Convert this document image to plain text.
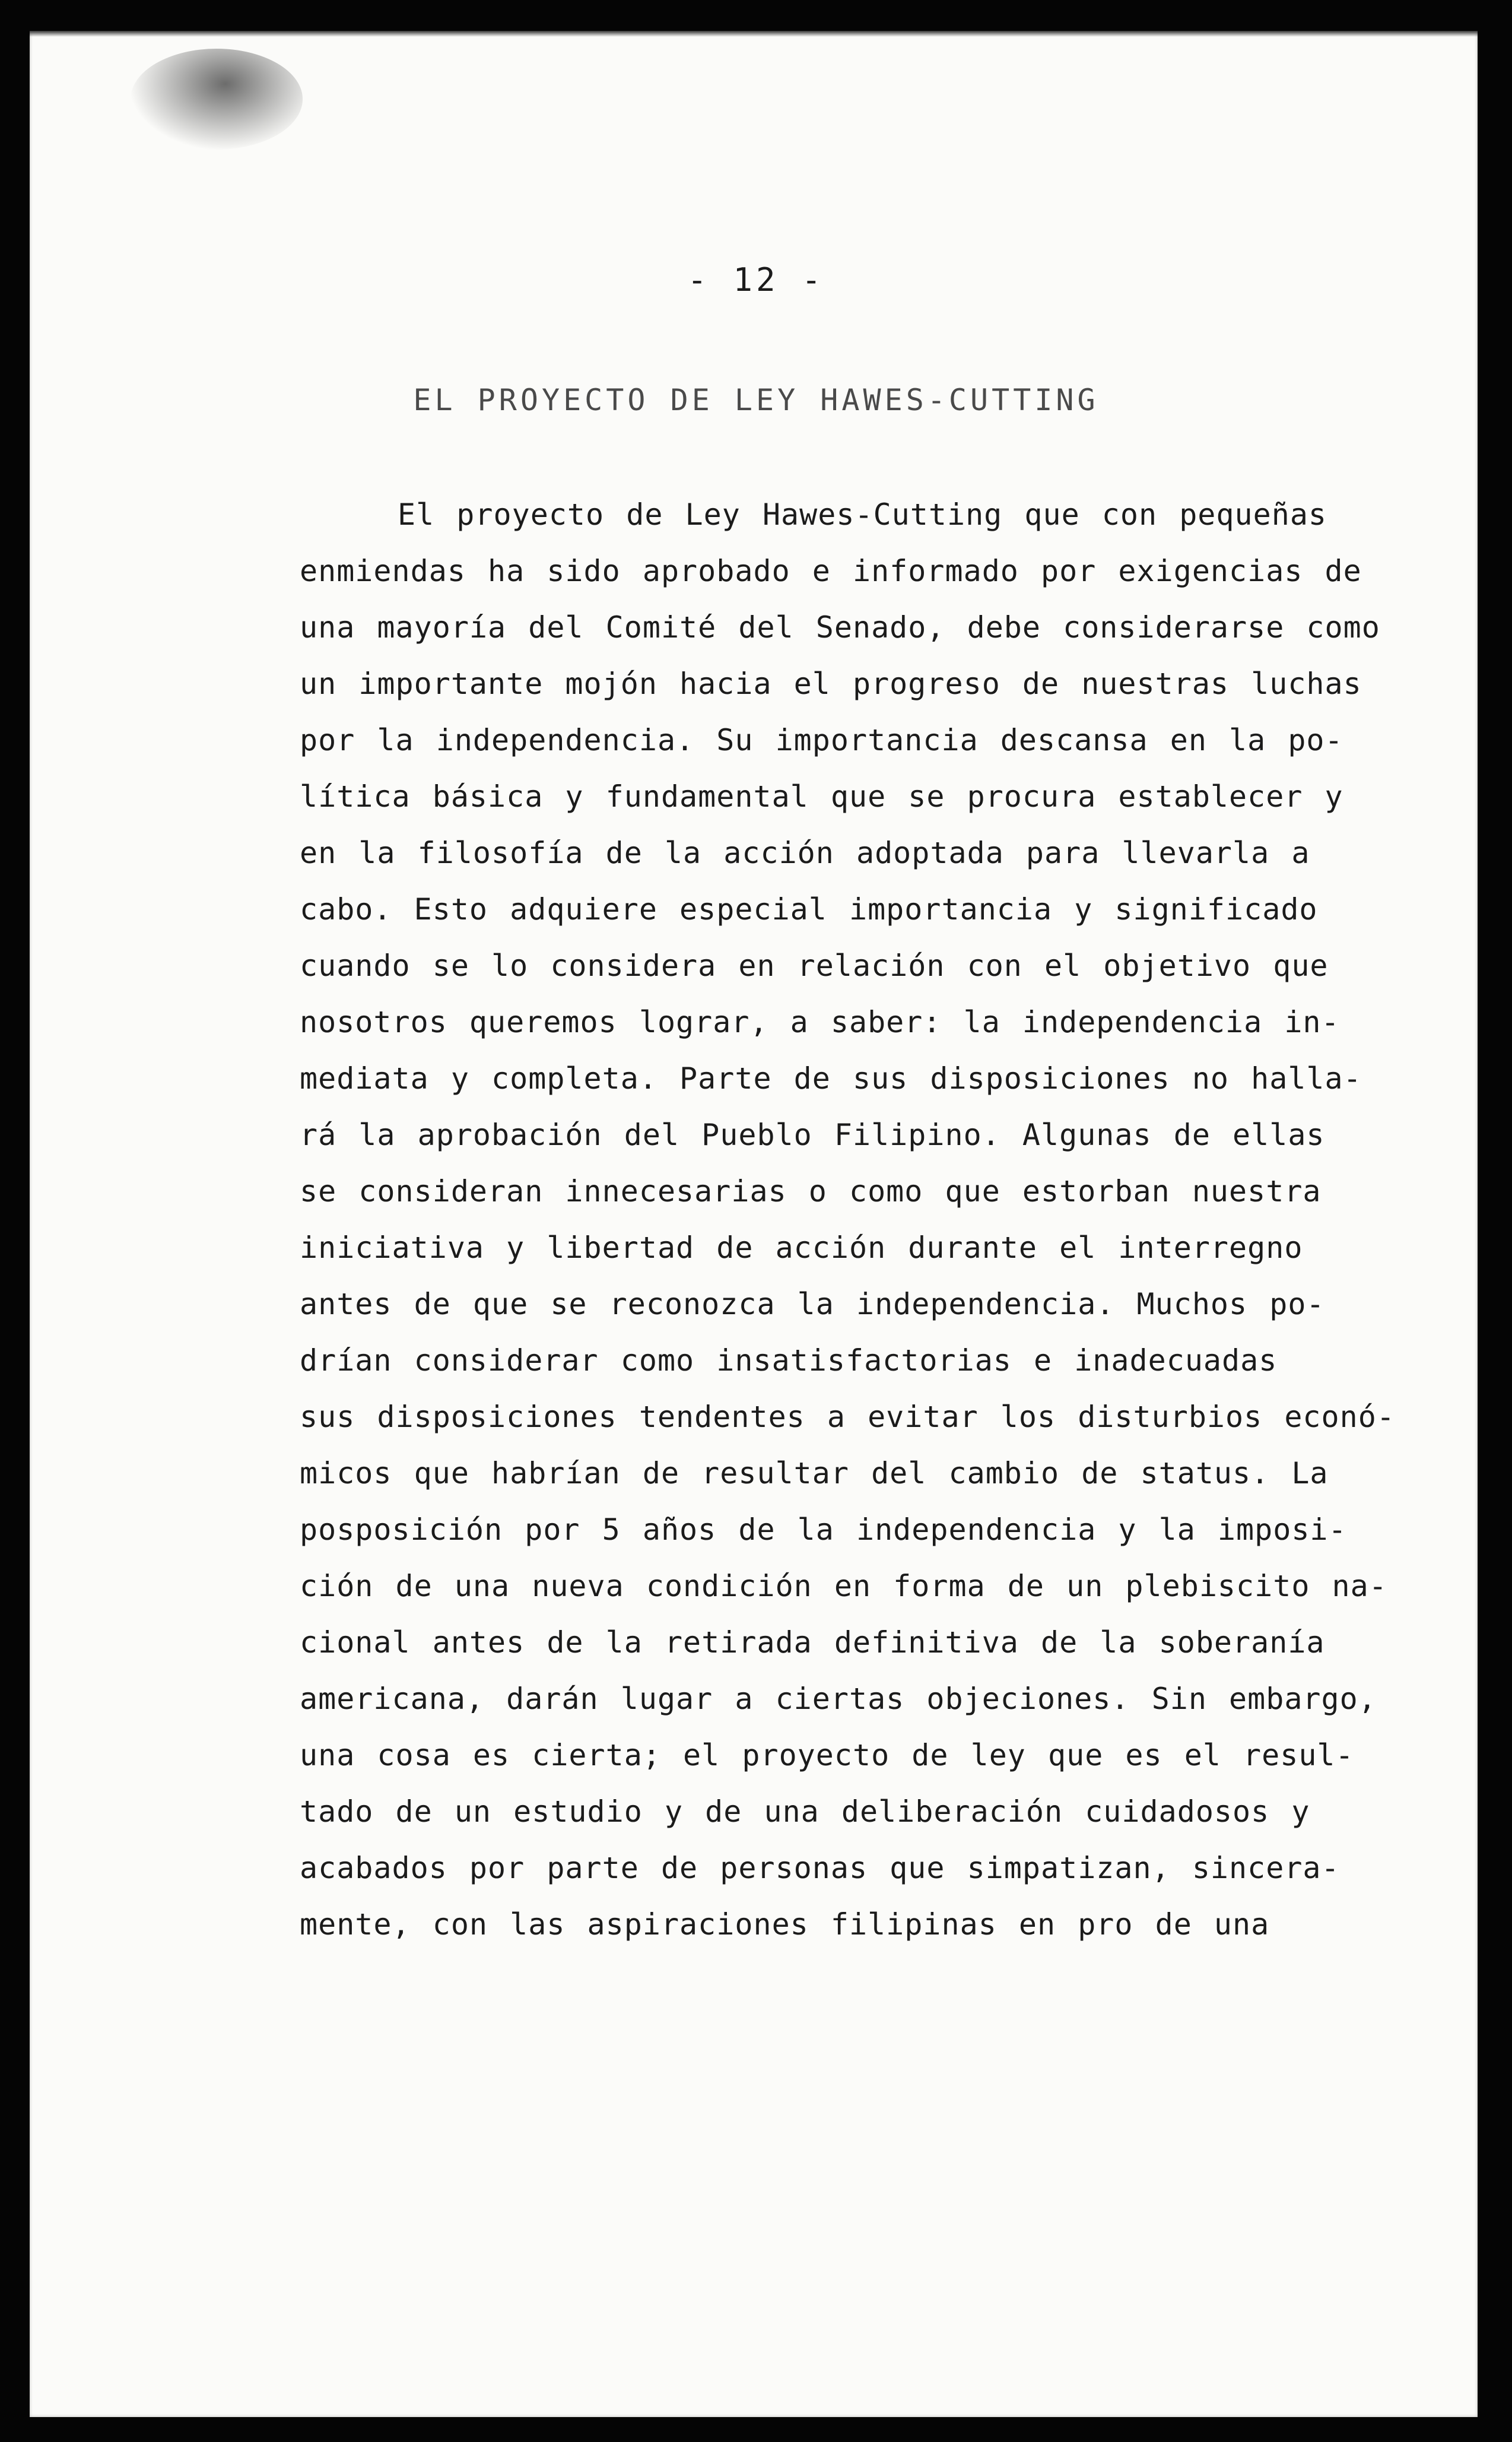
- 12 -
EL PROYECTO DE LEY HAWES-CUTTING
El proyecto de Ley Hawes-Cutting que con pequeñas
enmiendas ha sido aprobado e informado por exigencias de
una mayoría del Comité del Senado, debe considerarse como
un importante mojón hacia el progreso de nuestras luchas
por la independencia. Su importancia descansa en la po-
lítica básica y fundamental que se procura establecer y
en la filosofía de la acción adoptada para llevarla a
cabo. Esto adquiere especial importancia y significado
cuando se lo considera en relación con el objetivo que
nosotros queremos lograr, a saber: la independencia in-
mediata y completa. Parte de sus disposiciones no halla-
rá la aprobación del Pueblo Filipino. Algunas de ellas
se consideran innecesarias o como que estorban nuestra
iniciativa y libertad de acción durante el interregno
antes de que se reconozca la independencia. Muchos po-
drían considerar como insatisfactorias e inadecuadas
sus disposiciones tendentes a evitar los disturbios econó-
micos que habrían de resultar del cambio de status. La
posposición por 5 años de la independencia y la imposi-
ción de una nueva condición en forma de un plebiscito na-
cional antes de la retirada definitiva de la soberanía
americana, darán lugar a ciertas objeciones. Sin embargo,
una cosa es cierta; el proyecto de ley que es el resul-
tado de un estudio y de una deliberación cuidadosos y
acabados por parte de personas que simpatizan, sincera-
mente, con las aspiraciones filipinas en pro de una
